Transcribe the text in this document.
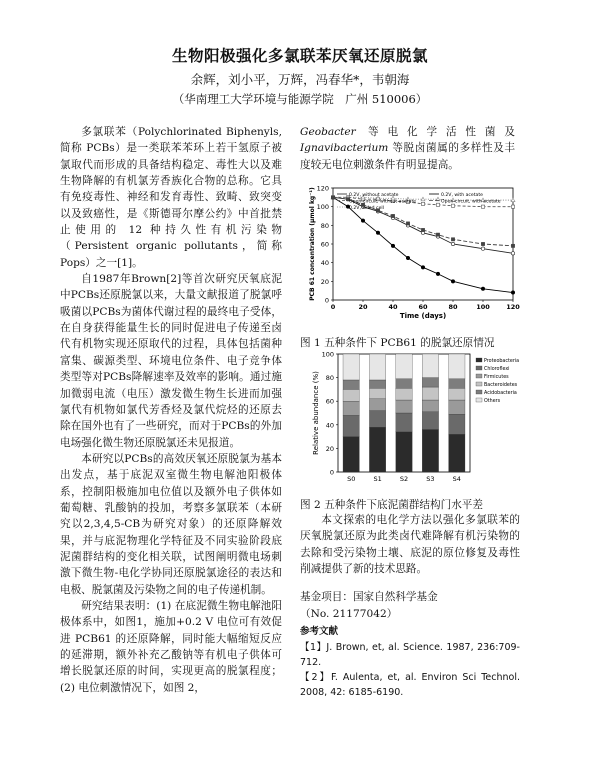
生物阳极强化多氯联苯厌氧还原脱氯
余辉，刘小平，万辉，冯春华*，韦朝海
（华南理工大学环境与能源学院　广州 510006）

多氯联苯（Polychlorinated Biphenyls, 简称 PCBs）是一类联苯苯环上若干氢原子被氯取代而形成的具备结构稳定、毒性大以及难生物降解的有机氯芳香族化合物的总称。它具有免疫毒性、神经和发育毒性、致畸、致突变以及致癌性，是《斯德哥尔摩公约》中首批禁止使用的 12 种持久性有机污染物（Persistent organic pollutants，简称 Pops）之一[1]。

自1987年Brown[2]等首次研究厌氧底泥中PCBs还原脱氯以来，大量文献报道了脱氯呼吸菌以PCBs为菌体代谢过程的最终电子受体，在自身获得能量生长的同时促进电子传递至卤代有机物实现还原取代的过程，具体包括菌种富集、碳源类型、环境电位条件、电子竞争体类型等对PCBs降解速率及效率的影响。通过施加微弱电流（电压）激发微生物生长进而加强氯代有机物如氯代芳香烃及氯代烷烃的还原去除在国外也有了一些研究，而对于PCBs的外加电场强化微生物还原脱氯还未见报道。

本研究以PCBs的高效厌氧还原脱氯为基本出发点，基于底泥双室微生物电解池阳极体系，控制阳极施加电位值以及额外电子供体如葡萄糖、乳酸钠的投加，考察多氯联苯（本研究以2,3,4,5-CB为研究对象）的还原降解效果，并与底泥物理化学特征及不同实验阶段底泥菌群结构的变化相关联，试图阐明微电场刺激下微生物-电化学协同还原脱氯途径的表达和电极、脱氯菌及污染物之间的电子传递机制。

研究结果表明：(1) 在底泥微生物电解池阳极体系中，如图1，施加+0.2 V 电位可有效促进 PCB61 的还原降解，同时能大幅缩短反应的延滞期，额外补充乙酸钠等有机电子供体可增长脱氯还原的时间，实现更高的脱氯程度；(2) 电位刺激情况下，如图 2，

Geobacter 等电化学活性菌及Ignavibacterium 等脱卤菌属的多样性及丰度较无电位刺激条件有明显提高。

0
20
40
60
80
100
120
0	20	40	60	80	100	120
Time (days)
PCB 61 concentration (μmol kg⁻¹)	0.2V, without acetate
Open-circuit, without acetate
0.2V, killed cell
0.2V, with acetate
Open-circuit, with acetate
图 1 五种条件下 PCB61 的脱氯还原情况
0
20
40
60
80
100
Relative abundance (%)
S0	S1	S2	S3	S4
Proteobacteria
Chloroflexi
Firmicutes
Bacteroidetes
Acidobacteria
Others
图 2 五种条件下底泥菌群结构门水平差

本文探索的电化学方法以强化多氯联苯的厌氧脱氯还原为此类卤代难降解有机污染物的去除和受污染物土壤、底泥的原位修复及毒性削减提供了新的技术思路。

基金项目：国家自然科学基金
（No. 21177042）
参考文献
【1】J. Brown, et, al. Science. 1987, 236:709-712.
【2】F. Aulenta, et, al. Environ Sci Technol. 2008, 42: 6185-6190.
